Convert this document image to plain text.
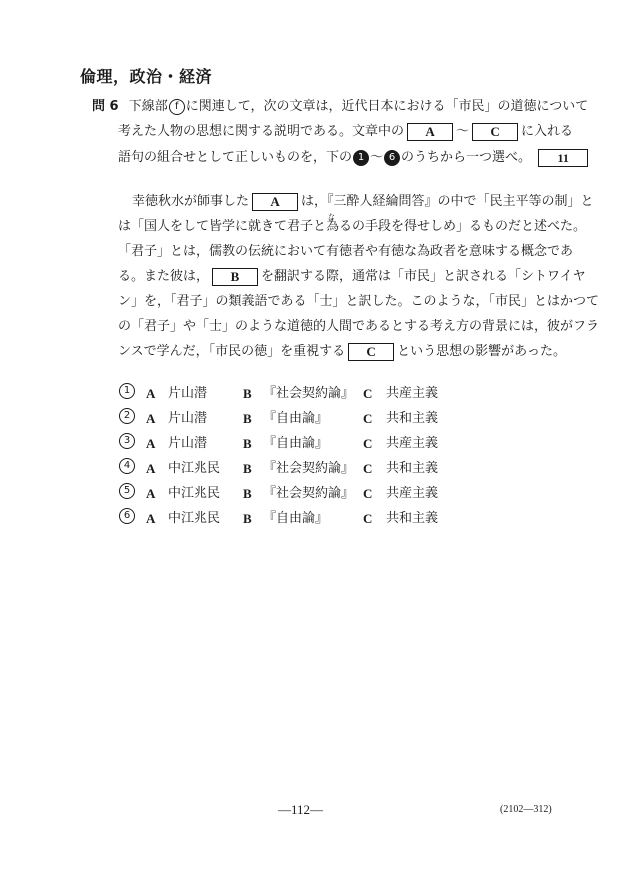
倫理，政治・経済
問 6 下線部 f に関連して，次の文章は，近代日本における「市民」の道徳について
考えた人物の思想に関する説明である。文章中の A 〜 C に入れる
語句の組合せとして正しいものを，下の 1 〜 6 のうちから一つ選べ。 11
幸徳秋水が師事した A は，『三酔人経綸問答』の中で「民主平等の制」と
は「国人をして皆学に就きて君子と
な
為るの手段を得せしめ」るものだと述べた。
「君子」とは，儒教の伝統において有徳者や有徳な為政者を意味する概念であ
る。また彼は， B を翻訳する際，通常は「市民」と訳される「シトワイヤ
ン」を，「君子」の類義語である「士」と訳した。このような，「市民」とはかつて
の「君子」や「士」のような道徳的人間であるとする考え方の背景には，彼がフラ
ンスで学んだ，「市民の徳」を重視する C という思想の影響があった。
1	A 片山潜	B 『社会契約論』 C 共産主義
2	A 片山潜	B 『自由論』	C 共和主義
3	A 片山潜	B 『自由論』	C 共産主義
4	A 中江兆民 B 『社会契約論』 C 共和主義
5	A 中江兆民 B 『社会契約論』 C 共産主義
6	A 中江兆民 B 『自由論』	C 共和主義
—112—	(2102—312)
